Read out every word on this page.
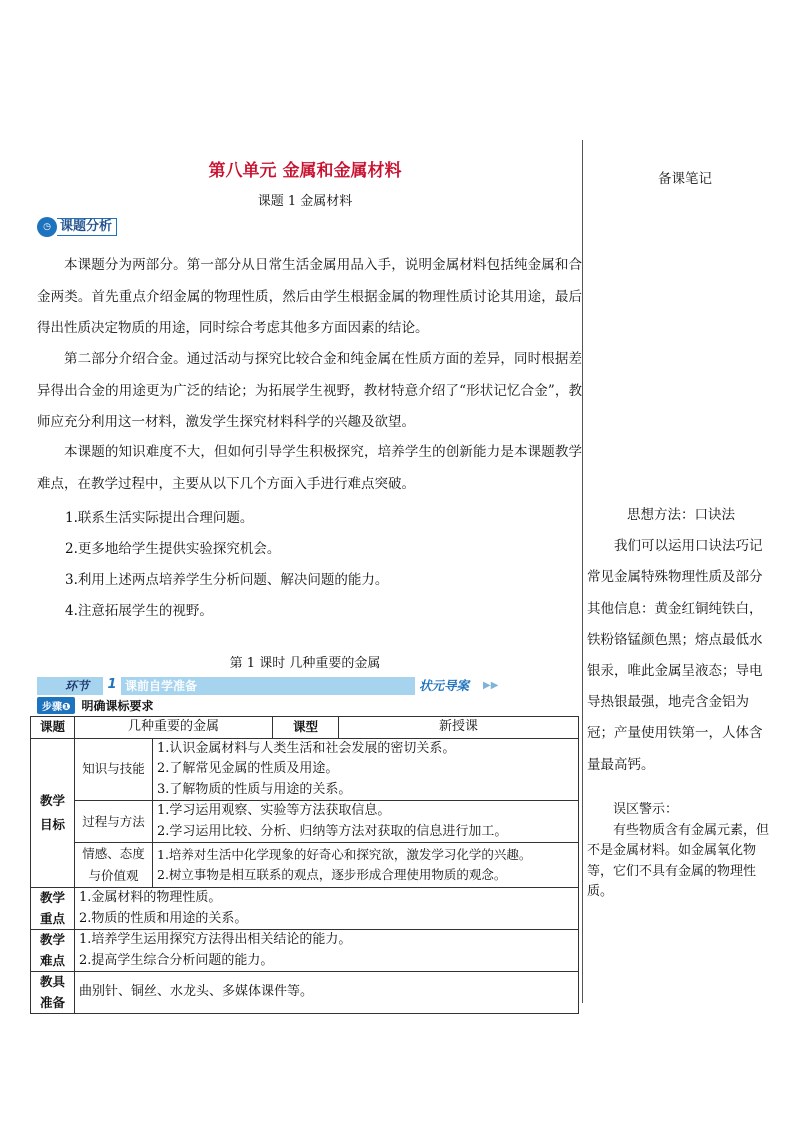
第八单元 金属和金属材料
课题 1 金属材料
备课笔记
◷ 课题分析

本课题分为两部分。第一部分从日常生活金属用品入手，说明金属材料包括纯金属和合金两类。首先重点介绍金属的物理性质，然后由学生根据金属的物理性质讨论其用途，最后得出性质决定物质的用途，同时综合考虑其他多方面因素的结论。

第二部分介绍合金。通过活动与探究比较合金和纯金属在性质方面的差异，同时根据差异得出合金的用途更为广泛的结论；为拓展学生视野，教材特意介绍了“形状记忆合金”，教师应充分利用这一材料，激发学生探究材料科学的兴趣及欲望。

本课题的知识难度不大，但如何引导学生积极探究，培养学生的创新能力是本课题教学难点，在教学过程中，主要从以下几个方面入手进行难点突破。

1.联系生活实际提出合理问题。
2.更多地给学生提供实验探究机会。
3.利用上述两点培养学生分析问题、解决问题的能力。
4.注意拓展学生的视野。
思想方法：口诀法
我们可以运用口诀法巧记常见金属特殊物理性质及部分其他信息：黄金红铜纯铁白，铁粉铬锰颜色黑；熔点最低水银汞，唯此金属呈液态；导电导热银最强，地壳含金铝为冠；产量使用铁第一，人体含量最高钙。
误区警示：
有些物质含有金属元素，但不是金属材料。如金属氧化物等，它们不具有金属的物理性质。
第 1 课时 几种重要的金属
环节	1 课前自学准备	状元导案 ▶▶
步骤❶ 明确课标要求
课题	几种重要的金属		课型	新授课
教学目标	知识与技能	1.认识金属材料与人类生活和社会发展的密切关系。
2.了解常见金属的性质及用途。
3.了解物质的性质与用途的关系。		

	过程与方法	1.学习运用观察、实验等方法获取信息。
2.学习运用比较、分析、归纳等方法对获取的信息进行加工。		

	情感、态度与价值观	1.培养对生活中化学现象的好奇心和探究欲，激发学习化学的兴趣。
2.树立事物是相互联系的观点，逐步形成合理使用物质的观念。		

教学重点	1.金属材料的物理性质。
2.物质的性质和用途的关系。			

教学难点	1.培养学生运用探究方法得出相关结论的能力。
2.提高学生综合分析问题的能力。			

教具准备	曲别针、铜丝、水龙头、多媒体课件等。			
